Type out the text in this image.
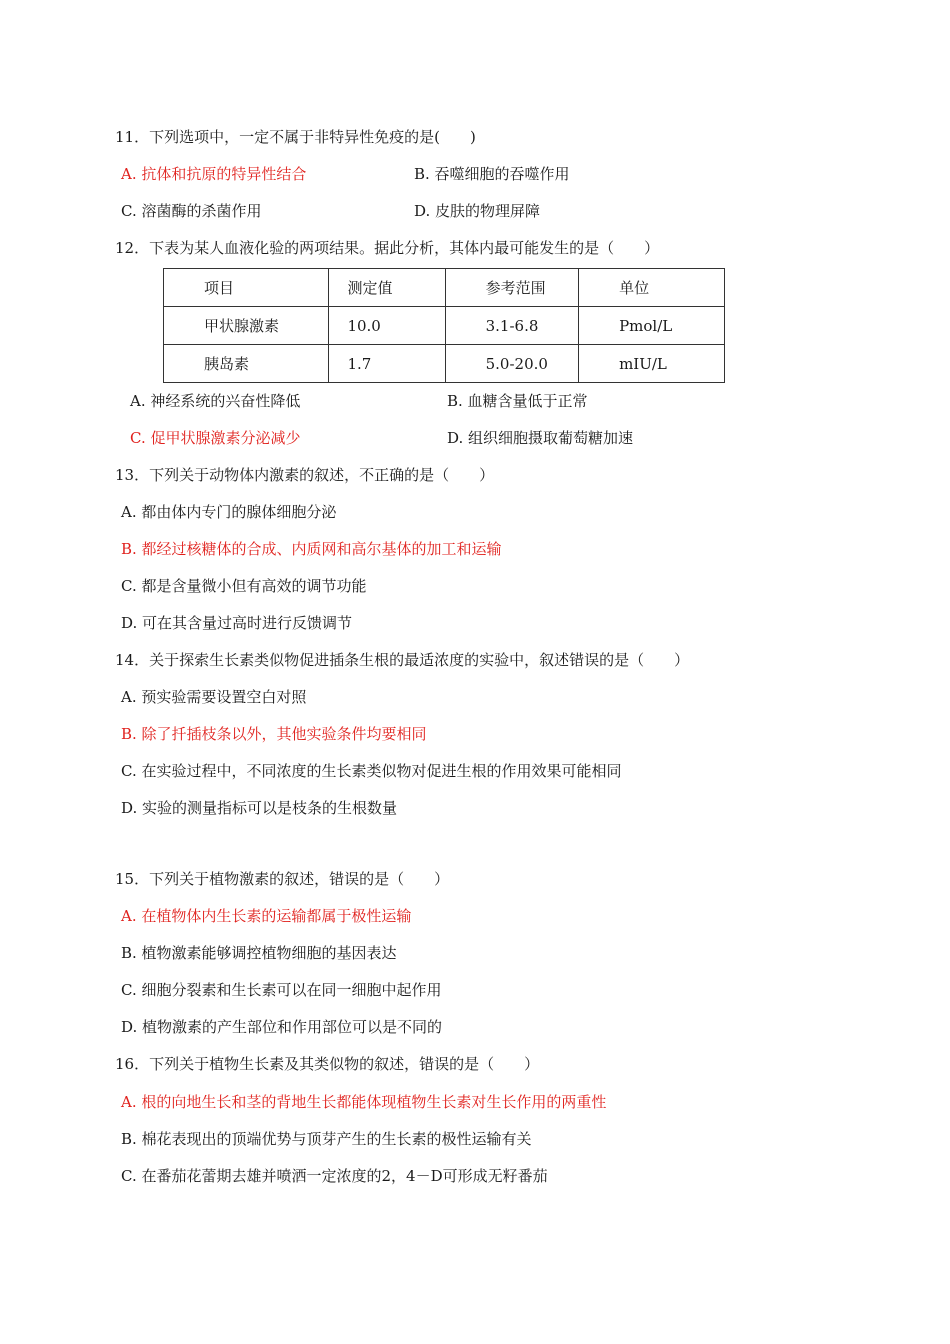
11．下列选项中，一定不属于非特异性免疫的是(　　)
A. 抗体和抗原的特异性结合	B. 吞噬细胞的吞噬作用
C. 溶菌酶的杀菌作用	D. 皮肤的物理屏障
12．下表为某人血液化验的两项结果。据此分析，其体内最可能发生的是（　　）
项目	测定值	参考范围	单位
甲状腺激素	10.0	3.1-6.8	Pmol/L
胰岛素	1.7	5.0-20.0	mIU/L
A. 神经系统的兴奋性降低	B. 血糖含量低于正常
C. 促甲状腺激素分泌减少	D. 组织细胞摄取葡萄糖加速
13．下列关于动物体内激素的叙述，不正确的是（　　）
A. 都由体内专门的腺体细胞分泌
B. 都经过核糖体的合成、内质网和高尔基体的加工和运输
C. 都是含量微小但有高效的调节功能
D. 可在其含量过高时进行反馈调节
14．关于探索生长素类似物促进插条生根的最适浓度的实验中，叙述错误的是（　　）
A. 预实验需要设置空白对照
B. 除了扦插枝条以外，其他实验条件均要相同
C. 在实验过程中，不同浓度的生长素类似物对促进生根的作用效果可能相同
D. 实验的测量指标可以是枝条的生根数量
15．下列关于植物激素的叙述，错误的是（　　）
A. 在植物体内生长素的运输都属于极性运输
B. 植物激素能够调控植物细胞的基因表达
C. 细胞分裂素和生长素可以在同一细胞中起作用
D. 植物激素的产生部位和作用部位可以是不同的
16．下列关于植物生长素及其类似物的叙述，错误的是（　　）
A. 根的向地生长和茎的背地生长都能体现植物生长素对生长作用的两重性
B. 棉花表现出的顶端优势与顶芽产生的生长素的极性运输有关
C. 在番茄花蕾期去雄并喷洒一定浓度的2，4－D可形成无籽番茄
